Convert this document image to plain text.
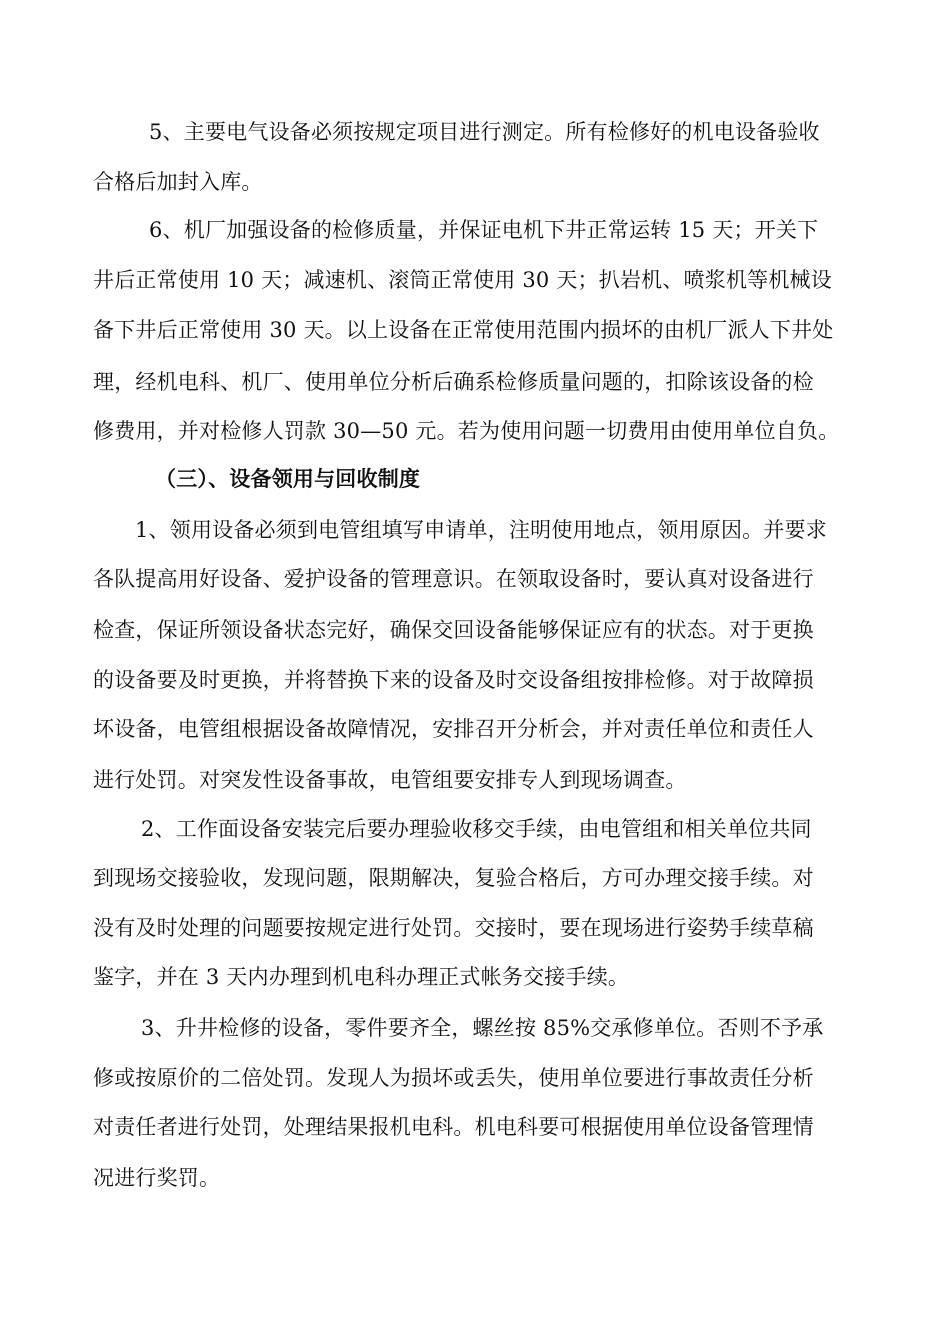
5、主要电气设备必须按规定项目进行测定。所有检修好的机电设备验收
合格后加封入库。
6、机厂加强设备的检修质量，并保证电机下井正常运转 15 天；开关下
井后正常使用 10 天；减速机、滚筒正常使用 30 天；扒岩机、喷浆机等机械设
备下井后正常使用 30 天。以上设备在正常使用范围内损坏的由机厂派人下井处
理，经机电科、机厂、使用单位分析后确系检修质量问题的，扣除该设备的检
修费用，并对检修人罚款 30—50 元。若为使用问题一切费用由使用单位自负。
（三）、设备领用与回收制度
1、领用设备必须到电管组填写申请单，注明使用地点，领用原因。并要求
各队提高用好设备、爱护设备的管理意识。在领取设备时，要认真对设备进行
检查，保证所领设备状态完好，确保交回设备能够保证应有的状态。对于更换
的设备要及时更换，并将替换下来的设备及时交设备组按排检修。对于故障损
坏设备，电管组根据设备故障情况，安排召开分析会，并对责任单位和责任人
进行处罚。对突发性设备事故，电管组要安排专人到现场调查。
2、工作面设备安装完后要办理验收移交手续，由电管组和相关单位共同
到现场交接验收，发现问题，限期解决，复验合格后，方可办理交接手续。对
没有及时处理的问题要按规定进行处罚。交接时，要在现场进行姿势手续草稿
鉴字，并在 3 天内办理到机电科办理正式帐务交接手续。
3、升井检修的设备，零件要齐全，螺丝按 85%交承修单位。否则不予承
修或按原价的二倍处罚。发现人为损坏或丢失，使用单位要进行事故责任分析
对责任者进行处罚，处理结果报机电科。机电科要可根据使用单位设备管理情
况进行奖罚。
